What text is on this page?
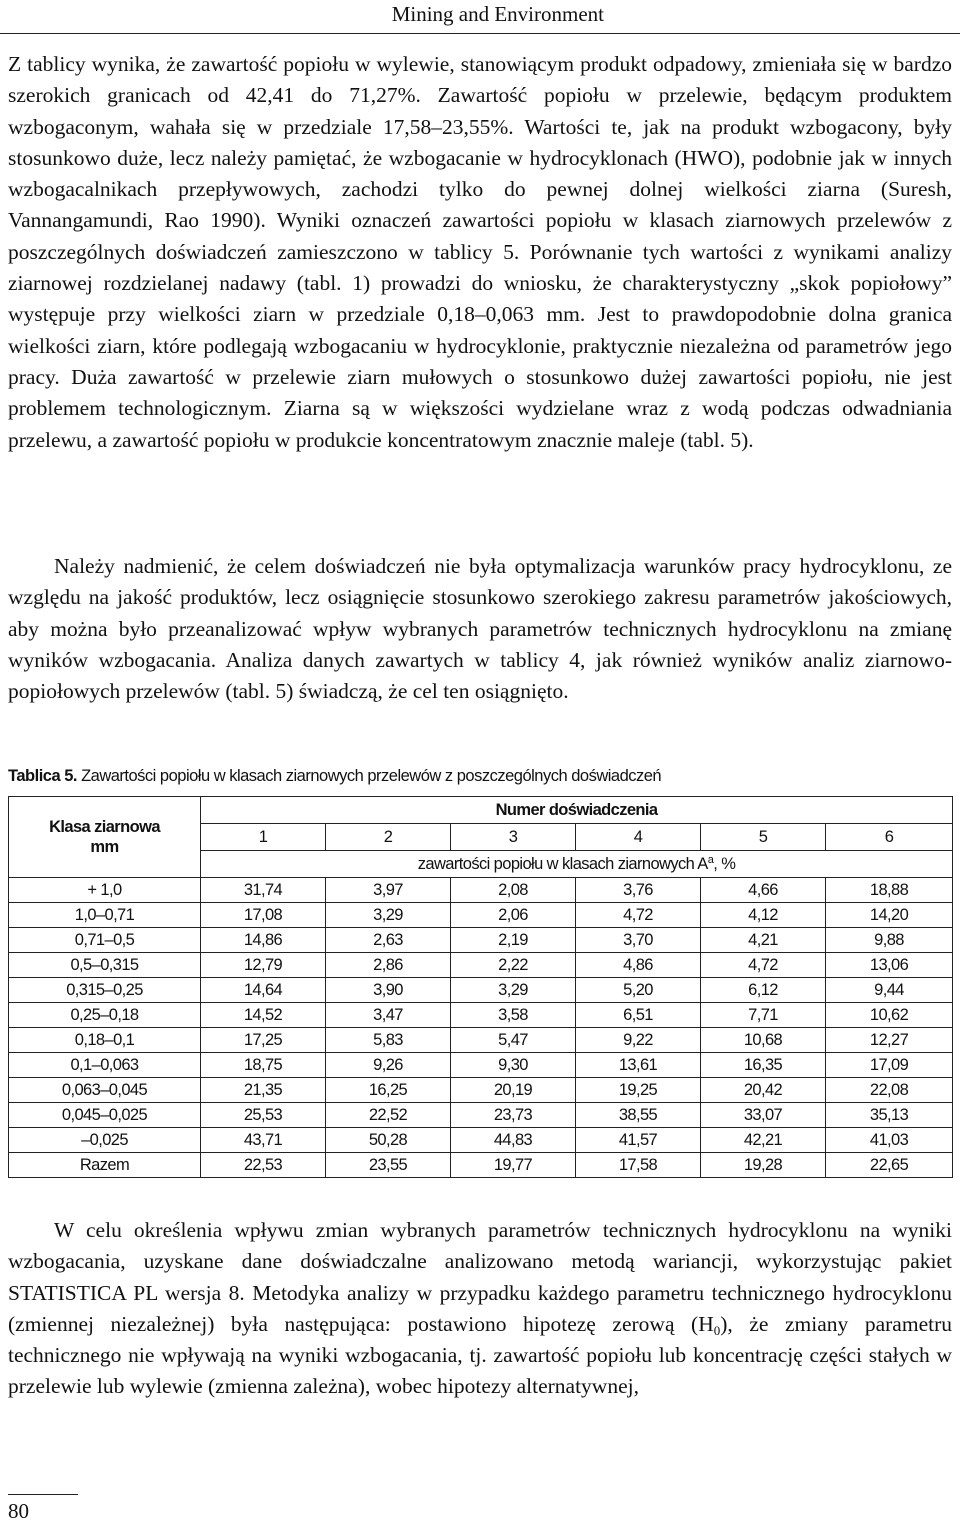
Mining and Environment

Z tablicy wynika, że zawartość popiołu w wylewie, stanowiącym produkt odpadowy, zmieniała się w bardzo szerokich granicach od 42,41 do 71,27%. Zawartość popiołu w przelewie, będącym produktem wzbogaconym, wahała się w przedziale 17,58–23,55%. Wartości te, jak na produkt wzbogacony, były stosunkowo duże, lecz należy pamiętać, że wzbogacanie w hydrocyklonach (HWO), podobnie jak w innych wzbogacalnikach przepływowych, zachodzi tylko do pewnej dolnej wielkości ziarna (Suresh, Vannangamundi, Rao 1990). Wyniki oznaczeń zawartości popiołu w klasach ziarnowych przelewów z poszczególnych doświadczeń zamieszczono w tablicy 5. Porównanie tych wartości z wynikami analizy ziarnowej rozdzielanej nadawy (tabl. 1) prowadzi do wniosku, że charakterystyczny „skok popiołowy” występuje przy wielkości ziarn w przedziale 0,18–0,063 mm. Jest to prawdopodobnie dolna granica wielkości ziarn, które podlegają wzbogacaniu w hydrocyklonie, praktycznie niezależna od parametrów jego pracy. Duża zawartość w przelewie ziarn mułowych o stosunkowo dużej zawartości popiołu, nie jest problemem technologicznym. Ziarna są w większości wydzielane wraz z wodą podczas odwadniania przelewu, a zawartość popiołu w produkcie koncentratowym znacznie maleje (tabl. 5).

Należy nadmienić, że celem doświadczeń nie była optymalizacja warunków pracy hydrocyklonu, ze względu na jakość produktów, lecz osiągnięcie stosunkowo szerokiego zakresu parametrów jakościowych, aby można było przeanalizować wpływ wybranych parametrów technicznych hydrocyklonu na zmianę wyników wzbogacania. Analiza danych zawartych w tablicy 4, jak również wyników analiz ziarnowo-popiołowych przelewów (tabl. 5) świadczą, że cel ten osiągnięto.

Tablica 5. Zawartości popiołu w klasach ziarnowych przelewów z poszczególnych doświadczeń
Klasa ziarnowa
mm	Numer doświadczenia					
	1	2	3	4	5	6
	zawartości popiołu w klasach ziarnowych $A^a$, %					
+ 1,0	31,74	3,97	2,08	3,76	4,66	18,88
1,0–0,71	17,08	3,29	2,06	4,72	4,12	14,20
0,71–0,5	14,86	2,63	2,19	3,70	4,21	9,88
0,5–0,315	12,79	2,86	2,22	4,86	4,72	13,06
0,315–0,25	14,64	3,90	3,29	5,20	6,12	9,44
0,25–0,18	14,52	3,47	3,58	6,51	7,71	10,62
0,18–0,1	17,25	5,83	5,47	9,22	10,68	12,27
0,1–0,063	18,75	9,26	9,30	13,61	16,35	17,09
0,063–0,045	21,35	16,25	20,19	19,25	20,42	22,08
0,045–0,025	25,53	22,52	23,73	38,55	33,07	35,13
–0,025	43,71	50,28	44,83	41,57	42,21	41,03
Razem	22,53	23,55	19,77	17,58	19,28	22,65

W celu określenia wpływu zmian wybranych parametrów technicznych hydrocyklonu na wyniki wzbogacania, uzyskane dane doświadczalne analizowano metodą wariancji, wykorzystując pakiet STATISTICA PL wersja 8. Metodyka analizy w przypadku każdego parametru technicznego hydrocyklonu (zmiennej niezależnej) była następująca: postawiono hipotezę zerową $(H_0)$, że zmiany parametru technicznego nie wpływają na wyniki wzbogacania, tj. zawartość popiołu lub koncentrację części stałych w przelewie lub wylewie (zmienna zależna), wobec hipotezy alternatywnej,

80
